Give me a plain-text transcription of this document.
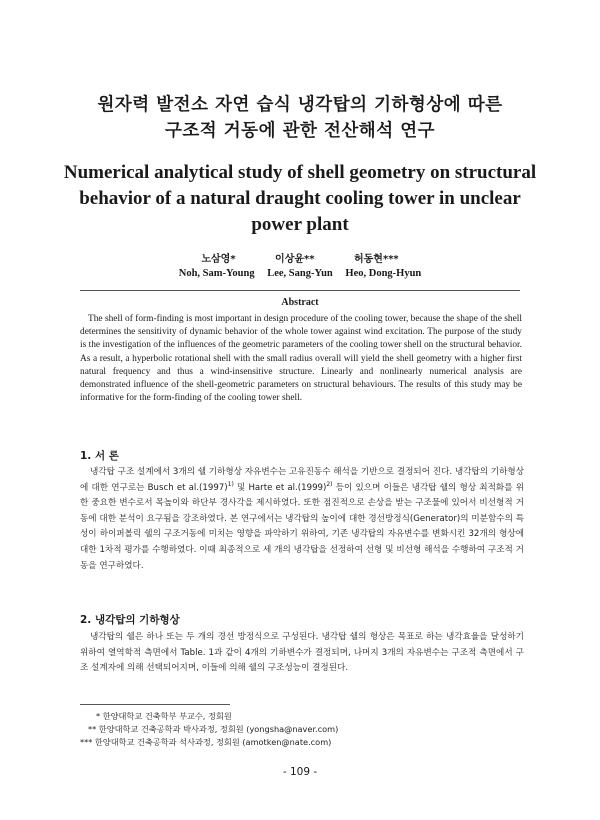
원자력 발전소 자연 습식 냉각탑의 기하형상에 따른
구조적 거동에 관한 전산해석 연구
Numerical analytical study of shell geometry on structural
behavior of a natural draught cooling tower in unclear
power plant
노삼영*	이상윤**	허동현***
Noh, Sam-Young Lee, Sang-Yun Heo, Dong-Hyun
Abstract

The shell of form-finding is most important in design procedure of the cooling tower, because the shape of the shell determines the sensitivity of dynamic behavior of the whole tower against wind excitation. The purpose of the study is the investigation of the influences of the geometric parameters of the cooling tower shell on the structural behavior. As a result, a hyperbolic rotational shell with the small radius overall will yield the shell geometry with a higher first natural frequency and thus a wind-insensitive structure. Linearly and nonlinearly numerical analysis are demonstrated influence of the shell-geometric parameters on structural behaviours. The results of this study may be informative for the form-finding of the cooling tower shell.

1. 서 론

냉각탑 구조 설계에서 3개의 쉘 기하형상 자유변수는 고유진동수 해석을 기반으로 결정되어 진다. 냉각탑의 기하형상에 대한 연구로는 Busch et $al.(1997)^{1)}$ 및 Harte et $al.(1999)^{2)}$ 등이 있으며 이들은 냉각탑 쉘의 형상 최적화를 위한 중요한 변수로서 목높이와 하단부 경사각을 제시하였다. 또한 점진적으로 손상을 받는 구조물에 있어서 비선형적 거동에 대한 분석이 요구됨을 강조하였다. 본 연구에서는 냉각탑의 높이에 대한 경선방정식(Generator)의 미분함수의 특성이 하이퍼볼릭 쉘의 구조거동에 미치는 영향을 파악하기 위하여, 기존 냉각탑의 자유변수를 변화시킨 32개의 형상에 대한 1차적 평가를 수행하였다. 이때 최종적으로 세 개의 냉각탑을 선정하여 선형 및 비선형 해석을 수행하여 구조적 거동을 연구하였다.

2. 냉각탑의 기하형상

냉각탑의 쉘은 하나 또는 두 개의 경선 방정식으로 구성된다. 냉각탑 쉘의 형상은 목표로 하는 냉각효율을 달성하기 위하여 열역학적 측면에서 Table. 1과 같이 4개의 기하변수가 결정되며, 나머지 3개의 자유변수는 구조적 측면에서 구조 설계자에 의해 선택되어지며, 이들에 의해 쉘의 구조성능이 결정된다.

* 한양대학교 건축학부 부교수, 정회원
** 한양대학교 건축공학과 박사과정, 정회원 (yongsha@naver.com)
*** 한양대학교 건축공학과 석사과정, 정회원 (amotken@nate.com)
- 109 -
